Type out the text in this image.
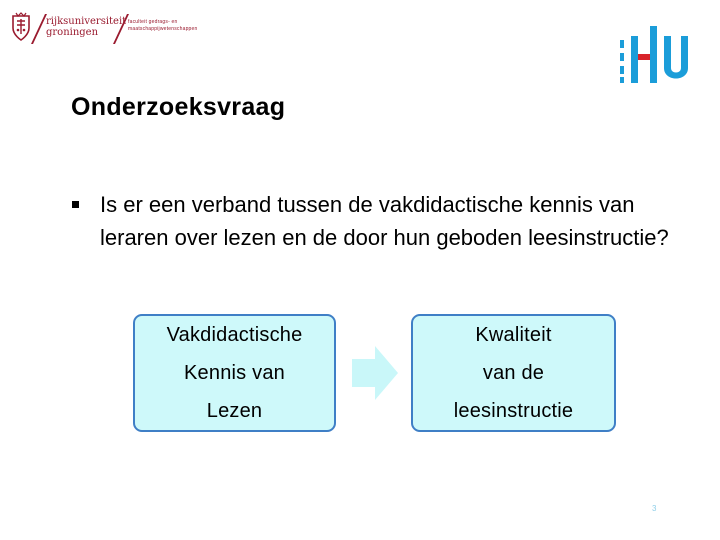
rijksuniversiteit
groningen
faculteit gedrags- en
maatschappijwetenschappen
Onderzoeksvraag
Is er een verband tussen de vakdidactische kennis van leraren over lezen en de door hun geboden leesinstructie?
Vakdidactische
Kennis van
Lezen
Kwaliteit
van de
leesinstructie
3
